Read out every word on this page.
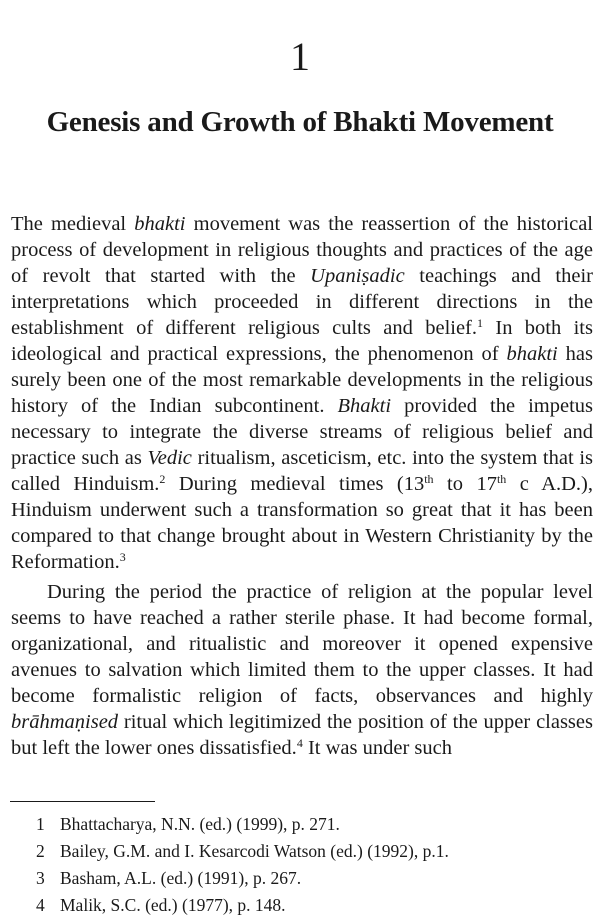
1
Genesis and Growth of Bhakti Movement

The medieval bhakti movement was the reassertion of the historical process of development in religious thoughts and practices of the age of revolt that started with the Upaniṣadic teachings and their interpretations which proceeded in different directions in the establishment of different religious cults and belief.$^1$ In both its ideological and practical expressions, the phenomenon of bhakti has surely been one of the most remarkable developments in the religious history of the Indian subcontinent. Bhakti provided the impetus necessary to integrate the diverse streams of religious belief and practice such as Vedic ritualism, asceticism, etc. into the system that is called Hinduism.$^2$ During medieval times (13th to 17th c A.D.), Hinduism underwent such a transformation so great that it has been compared to that change brought about in Western Christianity by the Reformation.$^3$

During the period the practice of religion at the popular level seems to have reached a rather sterile phase. It had become formal, organizational, and ritualistic and moreover it opened expensive avenues to salvation which limited them to the upper classes. It had become formalistic religion of facts, observances and highly brāhmaṇised ritual which legitimized the position of the upper classes but left the lower ones dissatisfied.$^4$ It was under such

1 Bhattacharya, N.N. (ed.) (1999), p. 271.
2 Bailey, G.M. and I. Kesarcodi Watson (ed.) (1992), p.1.
3 Basham, A.L. (ed.) (1991), p. 267.
4 Malik, S.C. (ed.) (1977), p. 148.
